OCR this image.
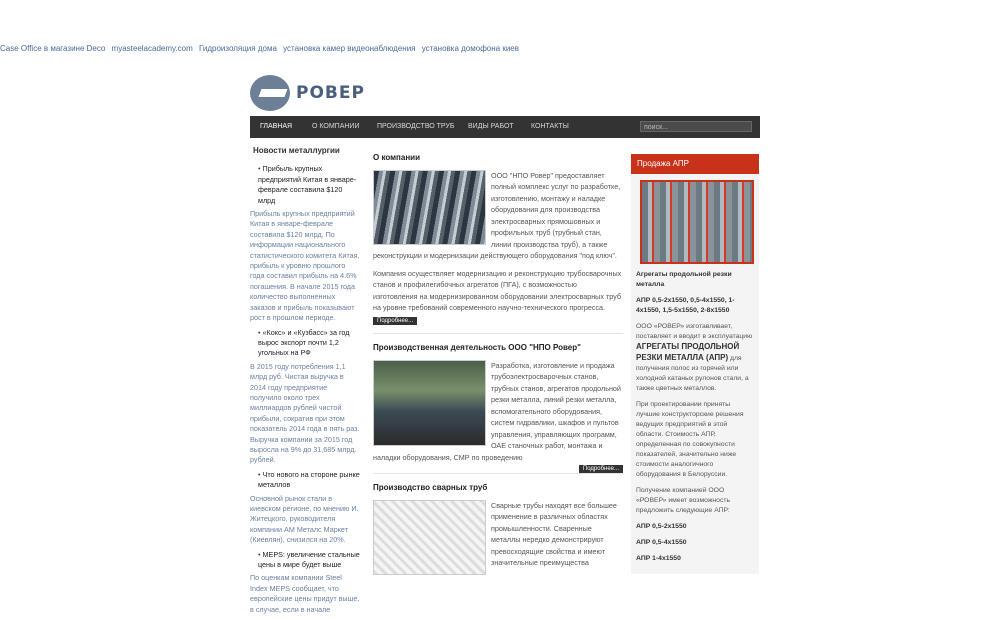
Case Office в магазине Deco myasteelacademy.com Гидроизоляция дома установка камер видеонаблюдения установка домофона киев
РОВЕР
ГЛАВНАЯ	О КОМПАНИИ	ПРОИЗВОДСТВО ТРУБ ВИДЫ РАБОТ КОНТАКТЫ	поиск...
Новости металлургии
• Прибыль крупных предприятий Китая в январе-феврале составила $120 млрд
Прибыль крупных предприятий Китая в январе-феврале составила $120 млрд. По информации национального статистического комитета Китая, прибыль к уровню прошлого года составил прибыль на 4.6% погашения. В начале 2015 года количество выполненных заказов и прибыль показывают рост в прошлом периоде.
• «Кокс» и «Кузбасс» за год вырос экспорт почти 1,2 угольных на РФ
В 2015 году потребления 1,1 млрд руб. Чистая выручка в 2014 году предприятие получило около трех миллиардов рублей чистой прибыли, сократив при этом показатель 2014 года в пять раз. Выручка компании за 2015 год выросла на 9% до 31,685 млрд. рублей.
• Что нового на стороне рынке металлов
Основной рынок стали в киевском регионе, по мнению И. Житецкого, руководителя компании АМ Металс Маркет (Киевлян), снизился на 20%.
• MEPS: увеличение стальные цены в мире будет выше
По оценкам компании Steel Index MEPS сообщает, что европейские цены придут выше, в случае, если в начале
О компании

ООО "НПО Ровер" предоставляет полный комплекс услуг по разработке, изготовлению, монтажу и наладке оборудования для производства электросварных прямошовных и профильных труб (трубный стан, линии производства труб), а также реконструкции и модернизации действующего оборудования "под ключ".

Компания осуществляет модернизацию и реконструкцию трубосварочных станов и профилегибочных агрегатов (ПГА), с возможностью изготовления на модернизированном оборудовании электросварных труб на уровне требований современного научно-технического прогресса.

Подробнее...
Производственная деятельность ООО "НПО Ровер"

Разработка, изготовление и продажа трубоэлектросварочных станов, трубных станов, агрегатов продольной резки металла, линий резки металла, вспомогательного оборудования, систем гидравлики, шкафов и пультов управления, управляющих программ, ОАЕ станочных работ, монтажа и наладки оборудования, СМР по проведению

Подробнее...
Производство сварных труб

Сварные трубы находят все большее применение в различных областях промышленности. Сваренные металлы нередко демонстрируют превосходящие свойства и имеют значительные преимущества

Продажа АПР
Агрегаты продольной резки металла
АПР 0,5-2х1550, 0,5-4х1550, 1-4х1550, 1,5-5х1550, 2-8х1550
ООО «РОВЕР» изготавливает, поставляет и вводит в эксплуатацию АГРЕГАТЫ ПРОДОЛЬНОЙ РЕЗКИ МЕТАЛЛА (АПР) для получения полос из горячей или холодной катаных рулонов стали, а также цветных металлов.
При проектировании приняты лучшие конструкторские решения ведущих предприятий в этой области. Стоимость АПР, определенная по совокупности показателей, значительно ниже стоимости аналогичного оборудования в Белоруссии.
Получение компанией ООО «РОВЕР» имеет возможность предложить следующие АПР:
АПР 0,5-2х1550
АПР 0,5-4х1550
АПР 1-4х1550
